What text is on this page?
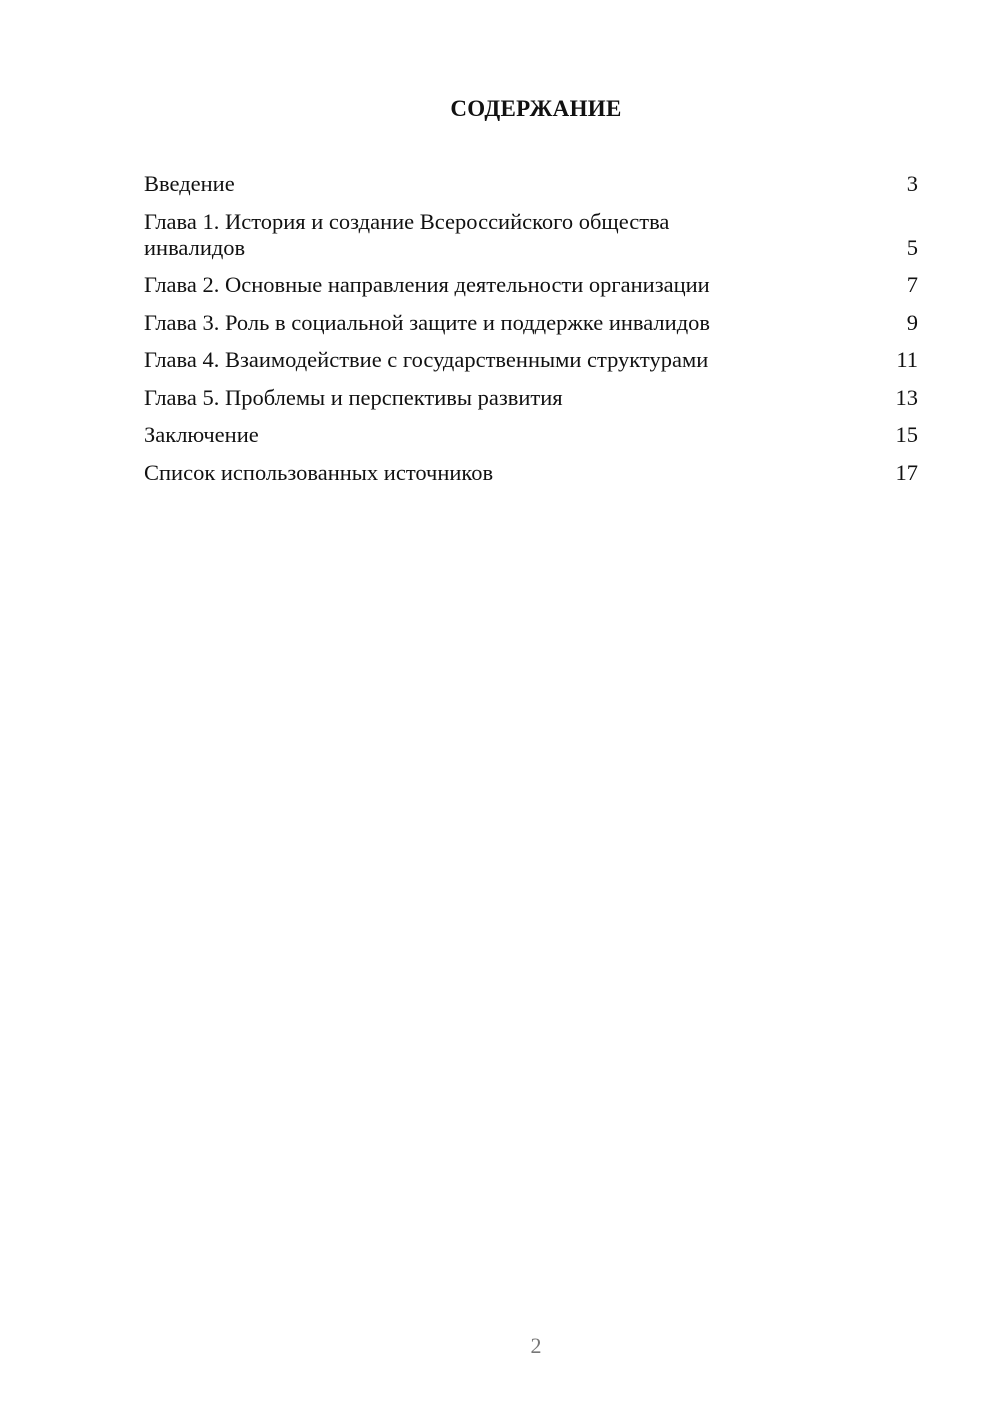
СОДЕРЖАНИЕ
Введение	3
Глава 1. История и создание Всероссийского общества инвалидов	5
Глава 2. Основные направления деятельности организации	7
Глава 3. Роль в социальной защите и поддержке инвалидов	9
Глава 4. Взаимодействие с государственными структурами	11
Глава 5. Проблемы и перспективы развития	13
Заключение	15
Список использованных источников	17
2
